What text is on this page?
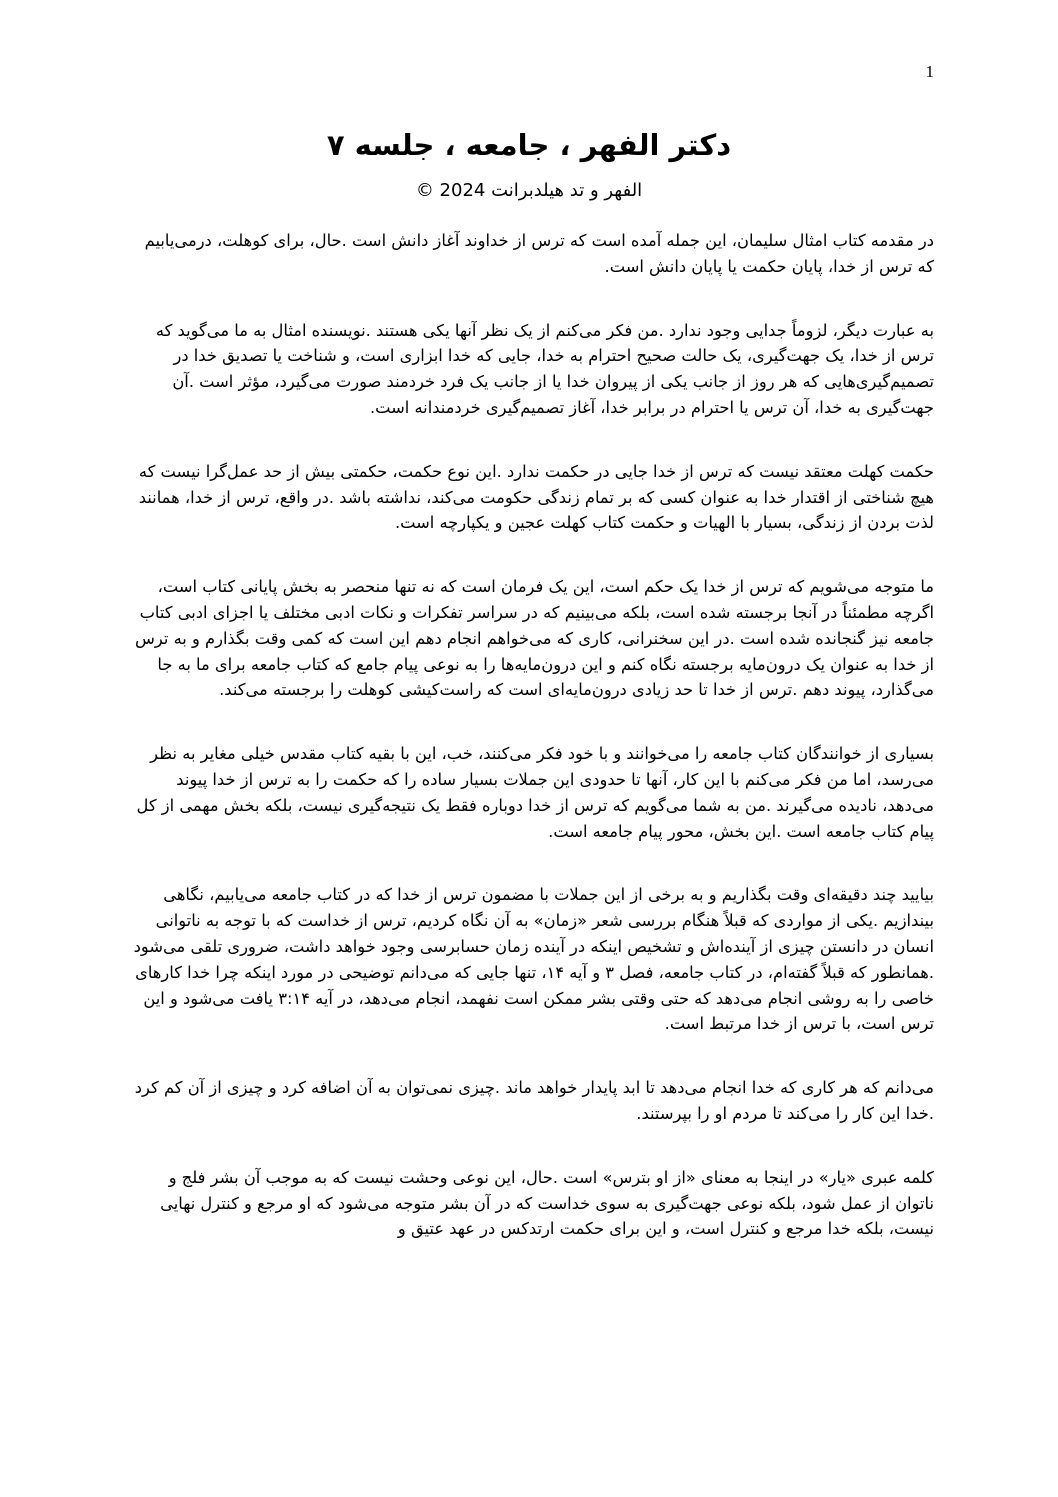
1
دکتر الفهر ، جامعه ، جلسه ۷
الفهر و تد هیلدبرانت 2024 ©

در مقدمه کتاب امثال سلیمان، این جمله آمده است که ترس از خداوند آغاز دانش است .حال، برای کوهلت، درمی‌یابیم که ترس از خدا، پایان حکمت یا پایان دانش است.

به عبارت دیگر، لزوماً جدایی وجود ندارد .من فکر می‌کنم از یک نظر آنها یکی هستند .نویسنده امثال به ما می‌گوید که ترس از خدا، یک جهت‌گیری، یک حالت صحیح احترام به خدا، جایی که خدا ابزاری است، و شناخت یا تصدیق خدا در تصمیم‌گیری‌هایی که هر روز از جانب یکی از پیروان خدا یا از جانب یک فرد خردمند صورت می‌گیرد، مؤثر است .آن جهت‌گیری به خدا، آن ترس یا احترام در برابر خدا، آغاز تصمیم‌گیری خردمندانه است.

حکمت کهلت معتقد نیست که ترس از خدا جایی در حکمت ندارد .این نوع حکمت، حکمتی بیش از حد عمل‌گرا نیست که هیچ شناختی از اقتدار خدا به عنوان کسی که بر تمام زندگی حکومت می‌کند، نداشته باشد .در واقع، ترس از خدا، همانند لذت بردن از زندگی، بسیار با الهیات و حکمت کتاب کهلت عجین و یکپارچه است.

ما متوجه می‌شویم که ترس از خدا یک حکم است، این یک فرمان است که نه تنها منحصر به بخش پایانی کتاب است، اگرچه مطمئناً در آنجا برجسته شده است، بلکه می‌بینیم که در سراسر تفکرات و نکات ادبی مختلف یا اجزای ادبی کتاب جامعه نیز گنجانده شده است .در این سخنرانی، کاری که می‌خواهم انجام دهم این است که کمی وقت بگذارم و به ترس از خدا به عنوان یک درون‌مایه برجسته نگاه کنم و این درون‌مایه‌ها را به نوعی پیام جامع که کتاب جامعه برای ما به جا می‌گذارد، پیوند دهم .ترس از خدا تا حد زیادی درون‌مایه‌ای است که راست‌کیشی کوهلت را برجسته می‌کند.

بسیاری از خوانندگان کتاب جامعه را می‌خوانند و با خود فکر می‌کنند، خب، این با بقیه کتاب مقدس خیلی مغایر به نظر می‌رسد، اما من فکر می‌کنم با این کار، آنها تا حدودی این جملات بسیار ساده را که حکمت را به ترس از خدا پیوند می‌دهد، نادیده می‌گیرند .من به شما می‌گویم که ترس از خدا دوباره فقط یک نتیجه‌گیری نیست، بلکه بخش مهمی از کل پیام کتاب جامعه است .این بخش، محور پیام جامعه است.

بیایید چند دقیقه‌ای وقت بگذاریم و به برخی از این جملات با مضمون ترس از خدا که در کتاب جامعه می‌یابیم، نگاهی بیندازیم .یکی از مواردی که قبلاً هنگام بررسی شعر «زمان» به آن نگاه کردیم، ترس از خداست که با توجه به ناتوانی انسان در دانستن چیزی از آینده‌اش و تشخیص اینکه در آینده زمان حسابرسی وجود خواهد داشت، ضروری تلقی می‌شود .همانطور که قبلاً گفته‌ام، در کتاب جامعه، فصل ۳ و آیه ۱۴، تنها جایی که می‌دانم توضیحی در مورد اینکه چرا خدا کارهای خاصی را به روشی انجام می‌دهد که حتی وقتی بشر ممکن است نفهمد، انجام می‌دهد، در آیه ۳:۱۴ یافت می‌شود و این ترس است، با ترس از خدا مرتبط است.

می‌دانم که هر کاری که خدا انجام می‌دهد تا ابد پایدار خواهد ماند .چیزی نمی‌توان به آن اضافه کرد و چیزی از آن کم کرد .خدا این کار را می‌کند تا مردم او را بپرستند.

کلمه عبری «یار» در اینجا به معنای «از او بترس» است .حال، این نوعی وحشت نیست که به موجب آن بشر فلج و ناتوان از عمل شود، بلکه نوعی جهت‌گیری به سوی خداست که در آن بشر متوجه می‌شود که او مرجع و کنترل نهایی نیست، بلکه خدا مرجع و کنترل است، و این برای حکمت ارتدکس در عهد عتیق و
